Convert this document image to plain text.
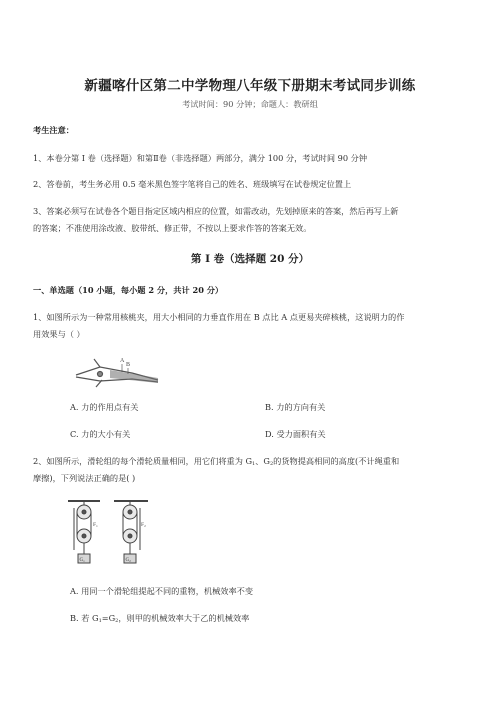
新疆喀什区第二中学物理八年级下册期末考试同步训练
考试时间：90 分钟；命题人：教研组
考生注意：
1、本卷分第 I 卷（选择题）和第Ⅱ卷（非选择题）两部分，满分 100 分，考试时间 90 分钟
2、答卷前，考生务必用 0.5 毫米黑色签字笔将自己的姓名、班级填写在试卷规定位置上
3、答案必须写在试卷各个题目指定区域内相应的位置，如需改动，先划掉原来的答案，然后再写上新
的答案；不准使用涂改液、胶带纸、修正带，不按以上要求作答的答案无效。
第 I 卷（选择题 20 分）
一、单选题（10 小题，每小题 2 分，共计 20 分）
1、如图所示为一种常用核桃夹，用大小相同的力垂直作用在 B 点比 A 点更易夹碎核桃，这说明力的作
用效果与（ ）
A
B
A. 力的作用点有关	B. 力的方向有关
C. 力的大小有关	D. 受力面积有关
2、如图所示，滑轮组的每个滑轮质量相同，用它们将重为 $G_1$、$G_2$的货物提高相同的高度(不计绳重和
摩擦)，下列说法正确的是( )
F₁	F₂
G₁	G₂
A. 用同一个滑轮组提起不同的重物，机械效率不变
B. 若 $G_1=G_2$，则甲的机械效率大于乙的机械效率
